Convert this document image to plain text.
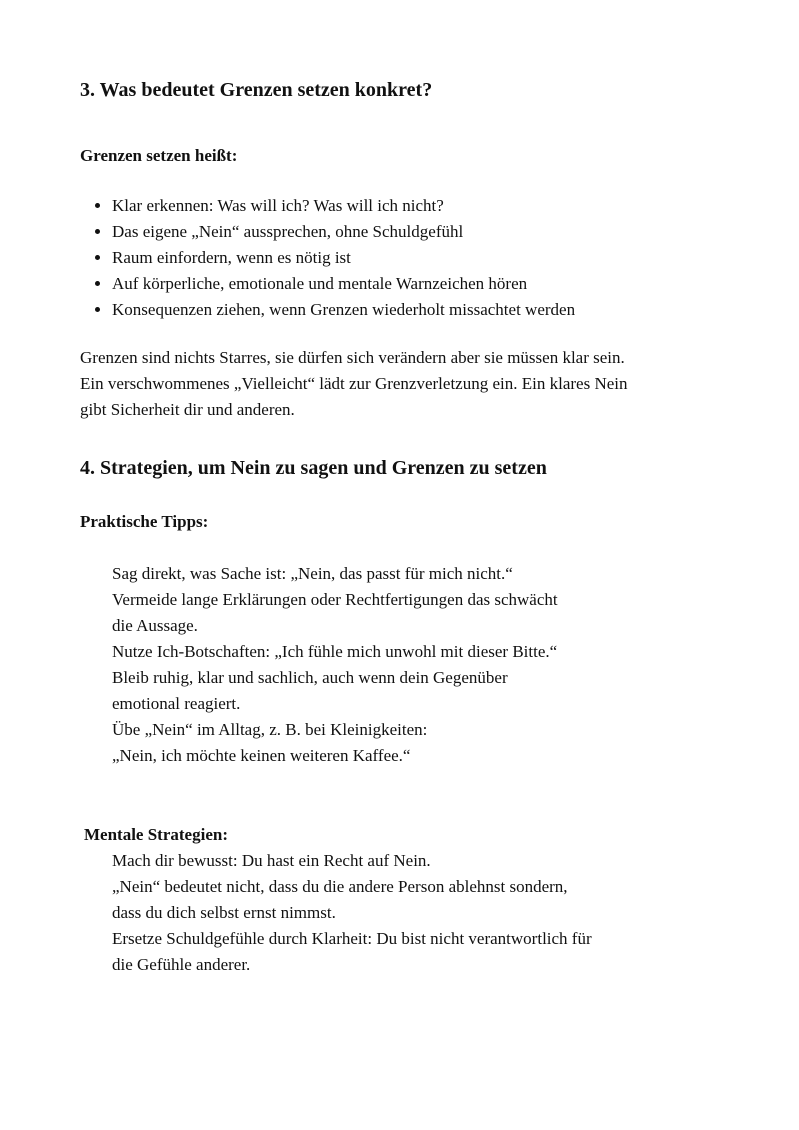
3. Was bedeutet Grenzen setzen konkret?
Grenzen setzen heißt:
• Klar erkennen: Was will ich? Was will ich nicht?
• Das eigene „Nein“ aussprechen, ohne Schuldgefühl
• Raum einfordern, wenn es nötig ist
• Auf körperliche, emotionale und mentale Warnzeichen hören
• Konsequenzen ziehen, wenn Grenzen wiederholt missachtet werden

Grenzen sind nichts Starres, sie dürfen sich verändern aber sie müssen klar sein.
Ein verschwommenes „Vielleicht“ lädt zur Grenzverletzung ein. Ein klares Nein
gibt Sicherheit dir und anderen.

4. Strategien, um Nein zu sagen und Grenzen zu setzen
Praktische Tipps:

Sag direkt, was Sache ist: „Nein, das passt für mich nicht.“
Vermeide lange Erklärungen oder Rechtfertigungen das schwächt
die Aussage.
Nutze Ich-Botschaften: „Ich fühle mich unwohl mit dieser Bitte.“
Bleib ruhig, klar und sachlich, auch wenn dein Gegenüber
emotional reagiert.
Übe „Nein“ im Alltag, z. B. bei Kleinigkeiten:
„Nein, ich möchte keinen weiteren Kaffee.“

Mentale Strategien:

Mach dir bewusst: Du hast ein Recht auf Nein.
„Nein“ bedeutet nicht, dass du die andere Person ablehnst sondern,
dass du dich selbst ernst nimmst.
Ersetze Schuldgefühle durch Klarheit: Du bist nicht verantwortlich für
die Gefühle anderer.
